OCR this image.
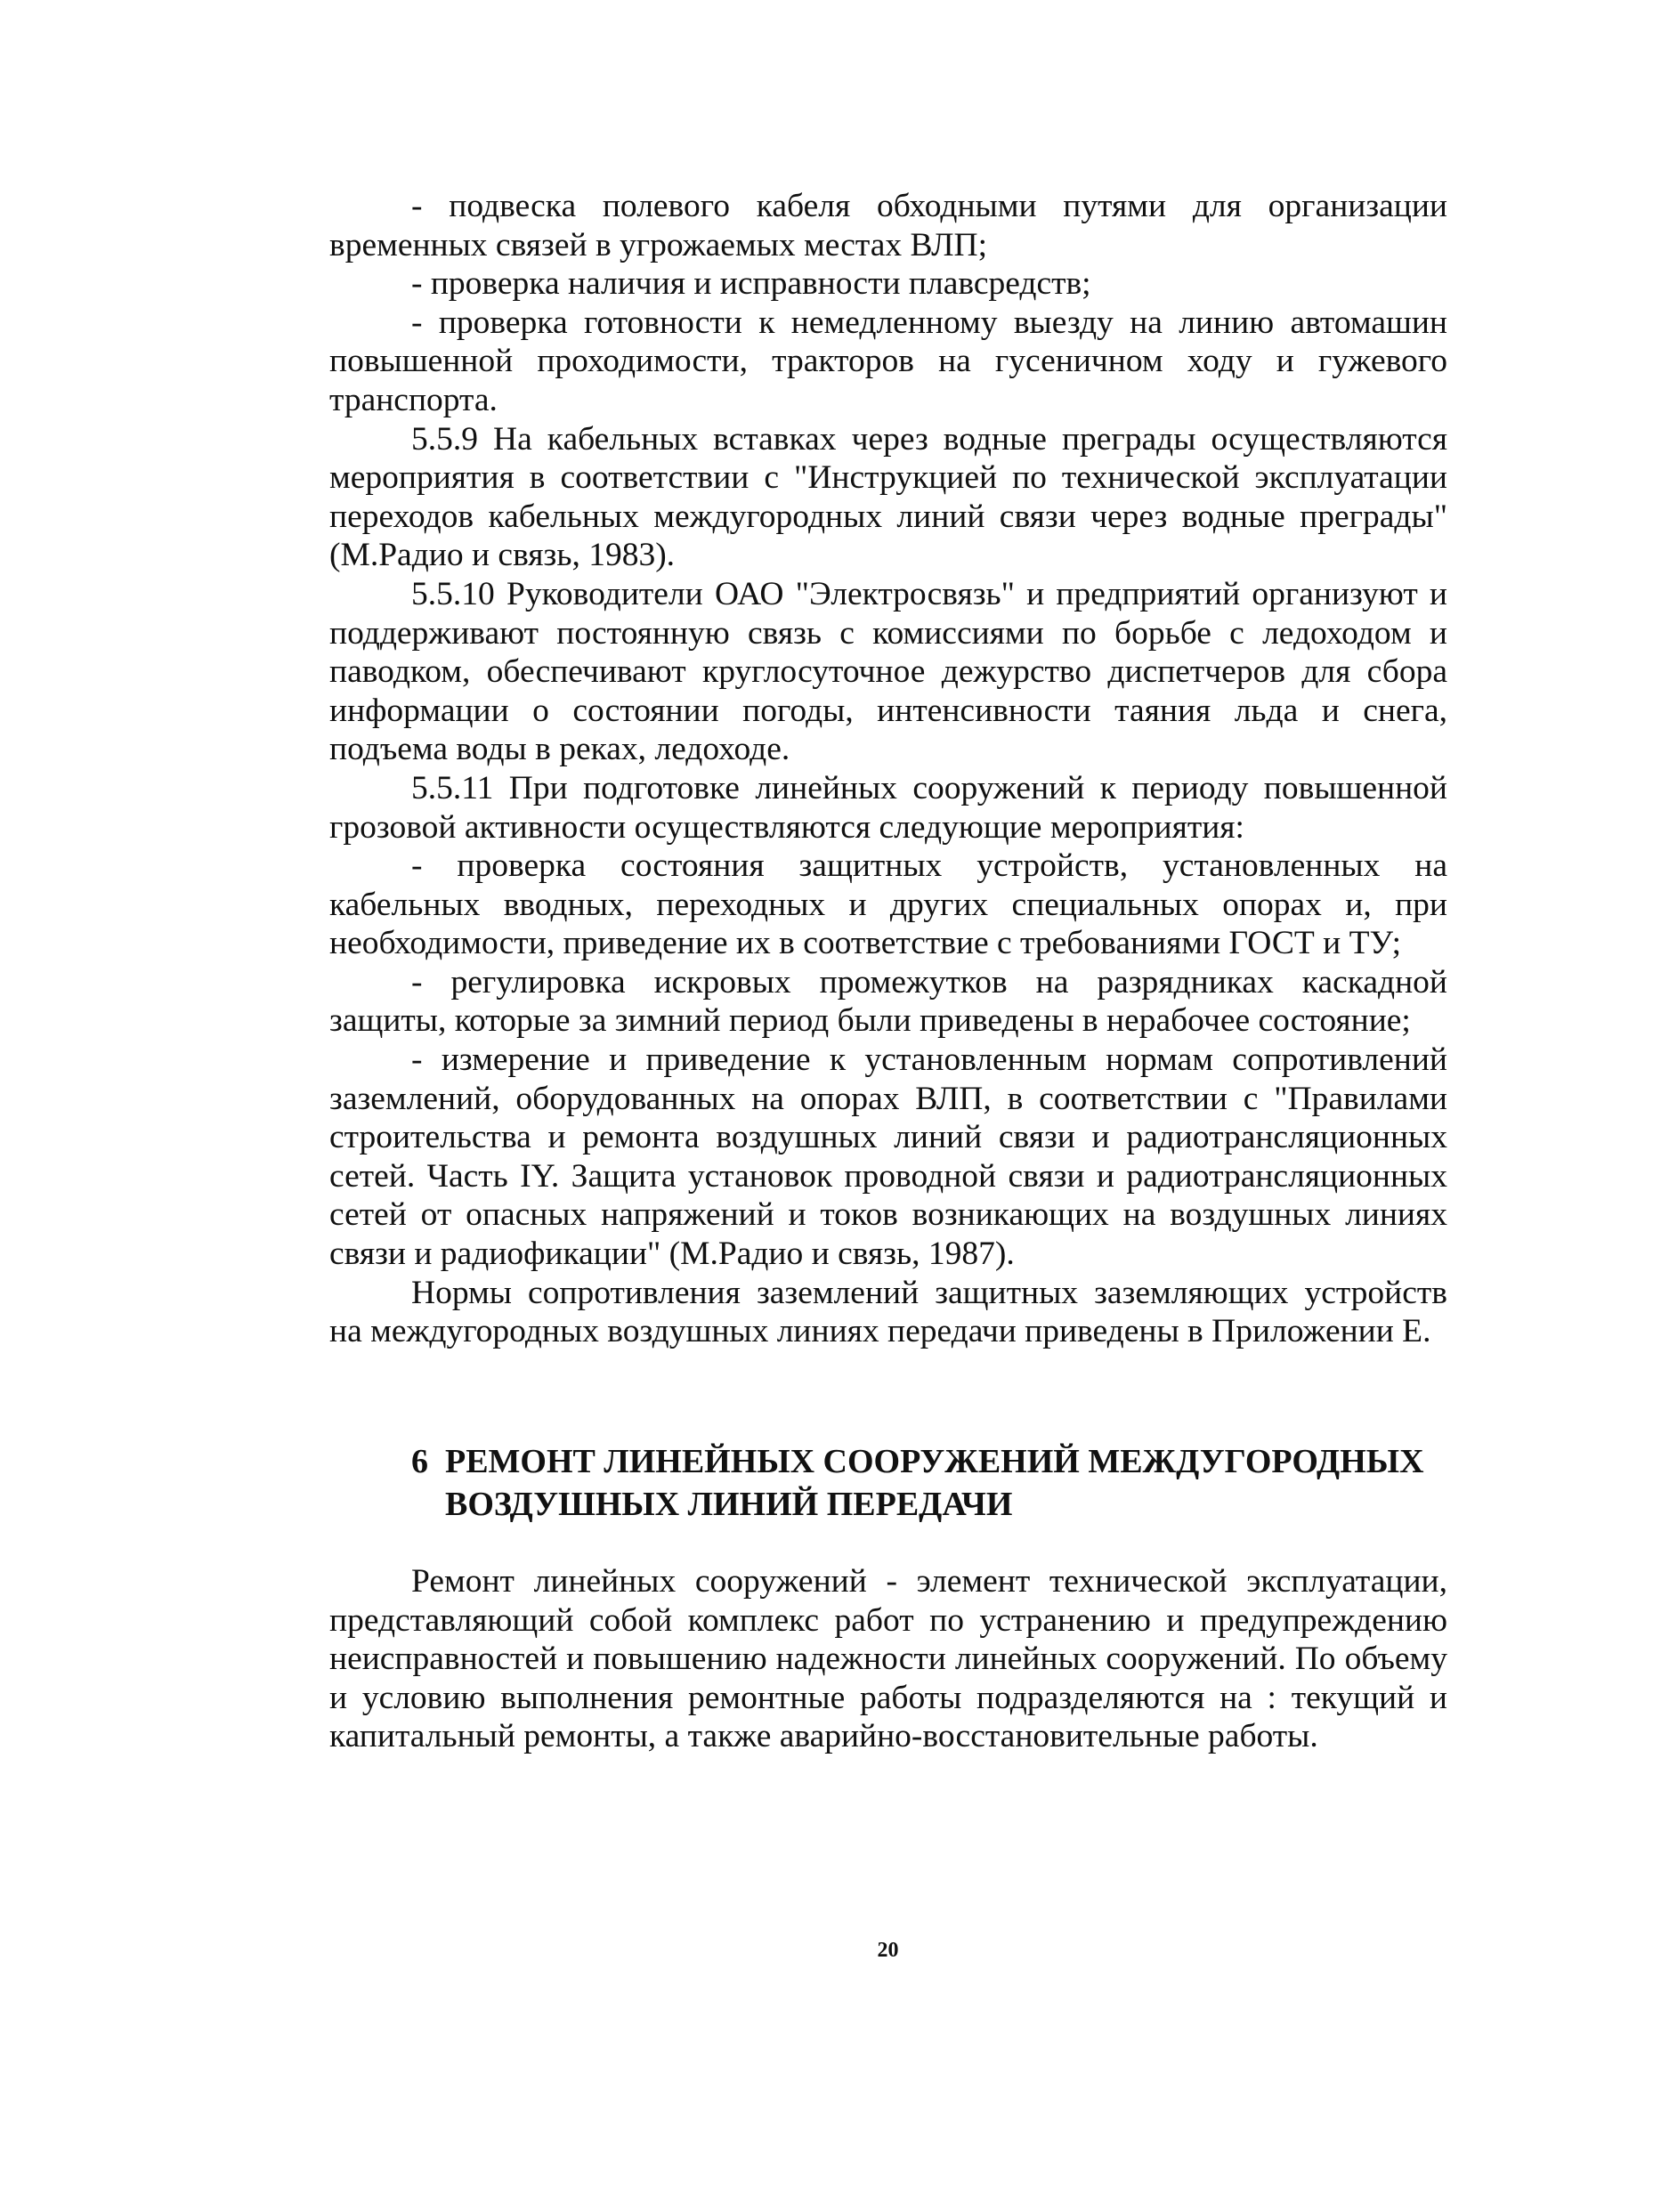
- подвеска полевого кабеля обходными путями для организации временных связей в угрожаемых местах ВЛП;

- проверка наличия и исправности плавсредств;

- проверка готовности к немедленному выезду на линию автомашин повышенной проходимости, тракторов на гусеничном ходу и гужевого транспорта.

5.5.9 На кабельных вставках через водные преграды осуществляются мероприятия в соответствии с "Инструкцией по технической эксплуатации переходов кабельных междугородных линий связи через водные преграды" (М.Радио и связь, 1983).

5.5.10 Руководители ОАО "Электросвязь" и предприятий организуют и поддерживают постоянную связь с комиссиями по борьбе с ледоходом и паводком, обеспечивают круглосуточное дежурство диспетчеров для сбора информации о состоянии погоды, интенсивности таяния льда и снега, подъема воды в реках, ледоходе.

5.5.11 При подготовке линейных сооружений к периоду повышенной грозовой активности осуществляются следующие мероприятия:

- проверка состояния защитных устройств, установленных на кабельных вводных, переходных и других специальных опорах и, при необходимости, приведение их в соответствие с требованиями ГОСТ и ТУ;

- регулировка искровых промежутков на разрядниках каскадной защиты, которые за зимний период были приведены в нерабочее состояние;

- измерение и приведение к установленным нормам сопротивлений заземлений, оборудованных на опорах ВЛП, в соответствии с "Правилами строительства и ремонта воздушных линий связи и радиотрансляционных сетей. Часть IY. Защита установок проводной связи и радиотрансляционных сетей от опасных напряжений и токов возникающих на воздушных линиях связи и радиофикации" (М.Радио и связь, 1987).

Нормы сопротивления заземлений защитных заземляющих устройств на междугородных воздушных линиях передачи приведены в Приложении Е.

6 РЕМОНТ ЛИНЕЙНЫХ СООРУЖЕНИЙ МЕЖДУГОРОДНЫХ
ВОЗДУШНЫХ ЛИНИЙ ПЕРЕДАЧИ

Ремонт линейных сооружений - элемент технической эксплуатации, представляющий собой комплекс работ по устранению и предупреждению неисправностей и повышению надежности линейных сооружений. По объему и условию выполнения ремонтные работы подразделяются на : текущий и капитальный ремонты, а также аварийно-восстановительные работы.

20
